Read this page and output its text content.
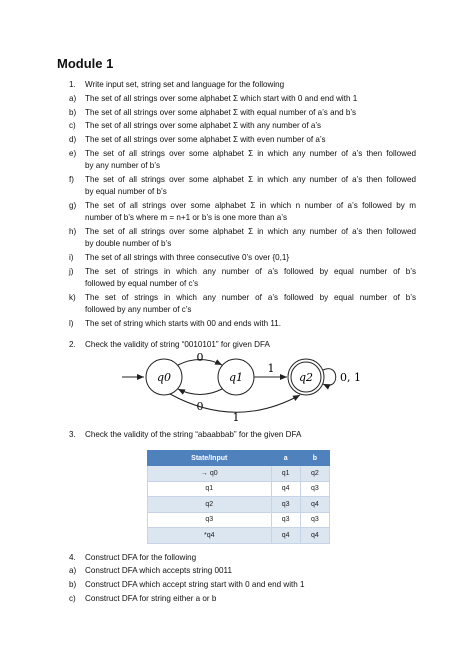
Module 1
1. Write input set, string set and language for the following
a) The set of all strings over some alphabet Σ which start with 0 and end with 1
b) The set of all strings over some alphabet Σ with equal number of a’s and b’s
c) The set of all strings over some alphabet Σ with any number of a’s
d) The set of all strings over some alphabet Σ with even number of a’s
e) The set of all strings over some alphabet Σ in which any number of a’s then followed
by any number of b’s
f) The set of all strings over some alphabet Σ in which any number of a’s then followed
by equal number of b’s
g) The set of all strings over some alphabet Σ in which n number of a’s followed by m
number of b’s where m = n+1 or b’s is one more than a’s
h) The set of all strings over some alphabet Σ in which any number of a’s then followed
by double number of b’s
i) The set of all strings with three consecutive 0’s over {0,1}
j) The set of strings in which any number of a’s followed by equal number of b’s
followed by equal number of c’s
k) The set of strings in which any number of a’s followed by equal number of b’s
followed by any number of c’s
l) The set of string which starts with 00 and ends with 11.
2. Check the validity of string “0010101” for given DFA
q0	q1	q2
0
0
1
0, 1
1
3. Check the validity of the string “abaabbab” for the given DFA
State/Input	a	b
→ q0	q1	q2
q1	q4	q3
q2	q3	q4
q3	q3	q3
*q4	q4	q4
4. Construct DFA for the following
a) Construct DFA which accepts string 0011
b) Construct DFA which accept string start with 0 and end with 1
c) Construct DFA for string either a or b
